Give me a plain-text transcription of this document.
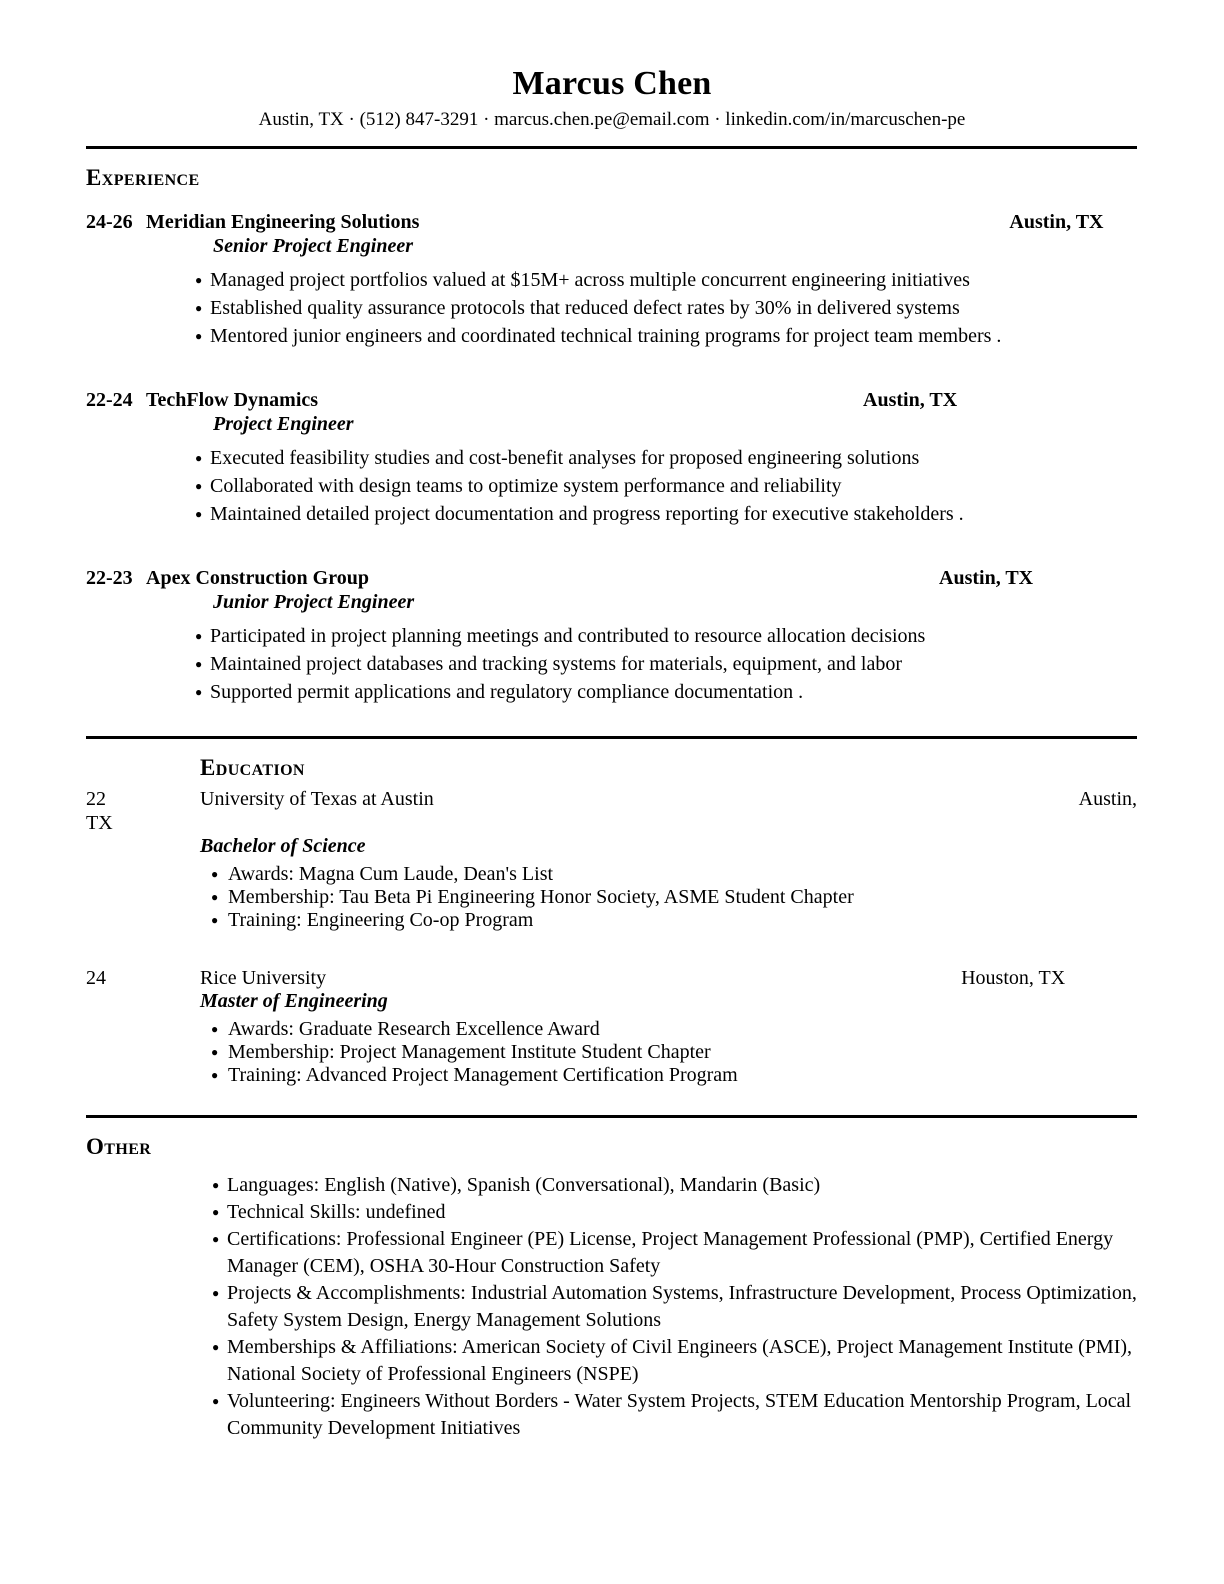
Marcus Chen
Austin, TX · (512) 847-3291 · marcus.chen.pe@email.com · linkedin.com/in/marcuschen-pe
Experience
24-26 Meridian Engineering Solutions	Austin, TX
Senior Project Engineer
● Managed project portfolios valued at $15M+ across multiple concurrent engineering initiatives
● Established quality assurance protocols that reduced defect rates by 30% in delivered systems
● Mentored junior engineers and coordinated technical training programs for project team members .
22-24 TechFlow Dynamics	Austin, TX
Project Engineer
● Executed feasibility studies and cost-benefit analyses for proposed engineering solutions
● Collaborated with design teams to optimize system performance and reliability
● Maintained detailed project documentation and progress reporting for executive stakeholders .
22-23 Apex Construction Group	Austin, TX
Junior Project Engineer
● Participated in project planning meetings and contributed to resource allocation decisions
● Maintained project databases and tracking systems for materials, equipment, and labor
● Supported permit applications and regulatory compliance documentation .
Education
22	University of Texas at Austin	Austin,
TX
Bachelor of Science
● Awards: Magna Cum Laude, Dean's List
● Membership: Tau Beta Pi Engineering Honor Society, ASME Student Chapter
● Training: Engineering Co-op Program
24	Rice University	Houston, TX
Master of Engineering
● Awards: Graduate Research Excellence Award
● Membership: Project Management Institute Student Chapter
● Training: Advanced Project Management Certification Program
Other
● Languages: English (Native), Spanish (Conversational), Mandarin (Basic)
● Technical Skills: undefined
● Certifications: Professional Engineer (PE) License, Project Management Professional (PMP), Certified Energy Manager (CEM), OSHA 30-Hour Construction Safety
● Projects & Accomplishments: Industrial Automation Systems, Infrastructure Development, Process Optimization, Safety System Design, Energy Management Solutions
● Memberships & Affiliations: American Society of Civil Engineers (ASCE), Project Management Institute (PMI), National Society of Professional Engineers (NSPE)
● Volunteering: Engineers Without Borders - Water System Projects, STEM Education Mentorship Program, Local Community Development Initiatives
